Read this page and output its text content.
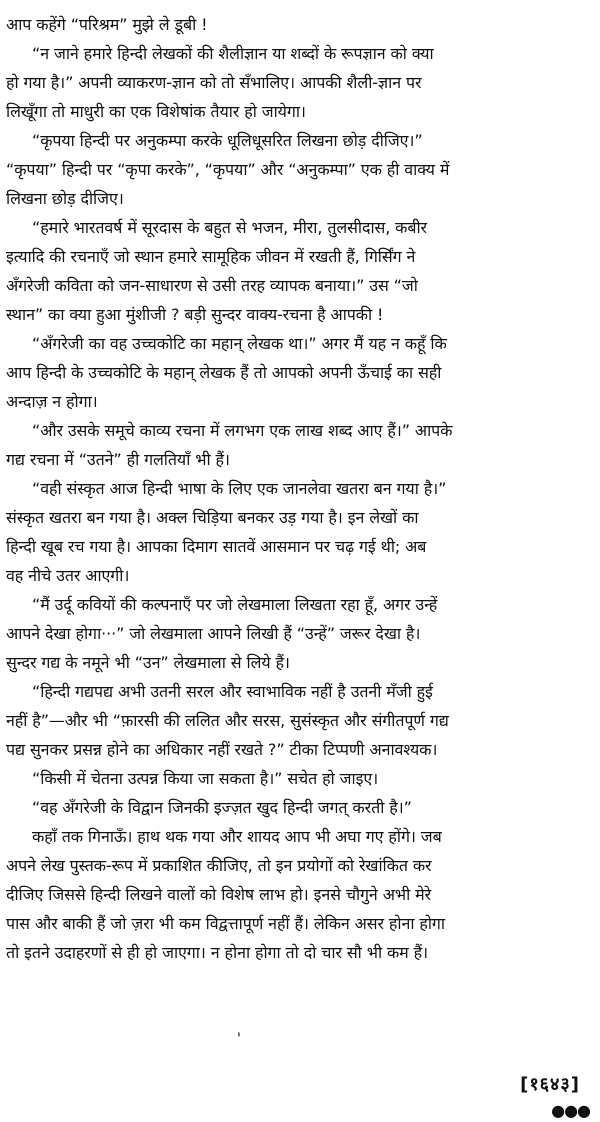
आप कहेंगे “परिश्रम” मुझे ले डूबी !
“न जाने हमारे हिन्दी लेखकों की शैलीज्ञान या शब्दों के रूपज्ञान को क्या
हो गया है।” अपनी व्याकरण-ज्ञान को तो सँभालिए। आपकी शैली-ज्ञान पर
लिखूँगा तो माधुरी का एक विशेषांक तैयार हो जायेगा।
“कृपया हिन्दी पर अनुकम्पा करके धूलिधूसरित लिखना छोड़ दीजिए।”
“कृपया” हिन्दी पर “कृपा करके”, “कृपया” और “अनुकम्पा” एक ही वाक्य में
लिखना छोड़ दीजिए।
“हमारे भारतवर्ष में सूरदास के बहुत से भजन, मीरा, तुलसीदास, कबीर
इत्यादि की रचनाएँ जो स्थान हमारे सामूहिक जीवन में रखती हैं, गिर्सिंग ने
अँगरेजी कविता को जन-साधारण से उसी तरह व्यापक बनाया।” उस “जो
स्थान” का क्या हुआ मुंशीजी ? बड़ी सुन्दर वाक्य-रचना है आपकी !
“अँगरेजी का वह उच्चकोटि का महान् लेखक था।” अगर मैं यह न कहूँ कि
आप हिन्दी के उच्चकोटि के महान् लेखक हैं तो आपको अपनी ऊँचाई का सही
अन्दाज़ न होगा।
“और उसके समूचे काव्य रचना में लगभग एक लाख शब्द आए हैं।” आपके
गद्य रचना में “उतने” ही गलतियाँ भी हैं।
“वही संस्कृत आज हिन्दी भाषा के लिए एक जानलेवा खतरा बन गया है।”
संस्कृत खतरा बन गया है। अक्ल चिड़िया बनकर उड़ गया है। इन लेखों का
हिन्दी खूब रच गया है। आपका दिमाग सातवें आसमान पर चढ़ गई थी; अब
वह नीचे उतर आएगी।
“मैं उर्दू कवियों की कल्पनाएँ पर जो लेखमाला लिखता रहा हूँ, अगर उन्हें
आपने देखा होगा···” जो लेखमाला आपने लिखी हैं “उन्हें” जरूर देखा है।
सुन्दर गद्य के नमूने भी “उन” लेखमाला से लिये हैं।
“हिन्दी गद्यपद्य अभी उतनी सरल और स्वाभाविक नहीं है उतनी मँजी हुई
नहीं है”—और भी “फ़ारसी की ललित और सरस, सुसंस्कृत और संगीतपूर्ण गद्य
पद्य सुनकर प्रसन्न होने का अधिकार नहीं रखते ?” टीका टिप्पणी अनावश्यक।
“किसी में चेतना उत्पन्न किया जा सकता है।” सचेत हो जाइए।
“वह अँगरेजी के विद्वान जिनकी इज्ज़त खुद हिन्दी जगत् करती है।”
कहाँ तक गिनाऊँ। हाथ थक गया और शायद आप भी अघा गए होंगे। जब
अपने लेख पुस्तक-रूप में प्रकाशित कीजिए, तो इन प्रयोगों को रेखांकित कर
दीजिए जिससे हिन्दी लिखने वालों को विशेष लाभ हो। इनसे चौगुने अभी मेरे
पास और बाकी हैं जो ज़रा भी कम विद्वत्तापूर्ण नहीं हैं। लेकिन असर होना होगा
तो इतने उदाहरणों से ही हो जाएगा। न होना होगा तो दो चार सौ भी कम हैं।
'
[१६४३]
●●●
